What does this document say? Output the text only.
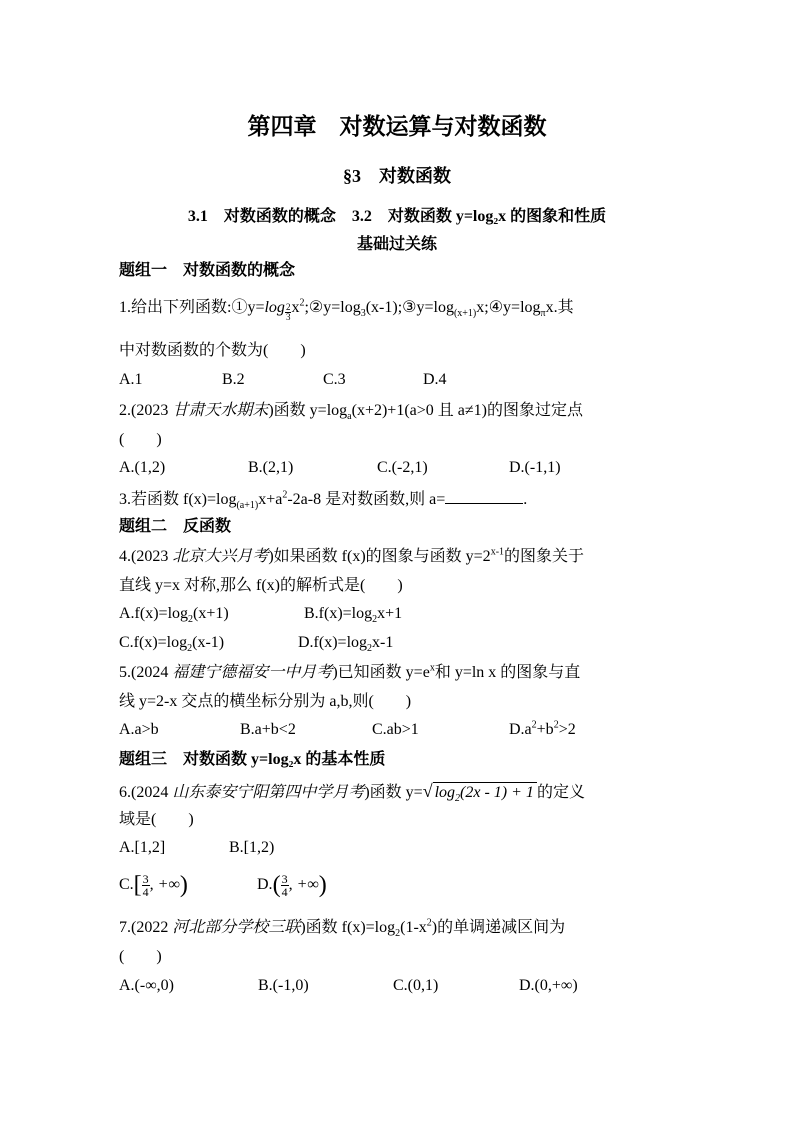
第四章　对数运算与对数函数
§3　对数函数
3.1　对数函数的概念　3.2　对数函数 y=log₂x 的图象和性质
基础过关练
题组一　对数函数的概念
1.给出下列函数:①y=log $\frac{2}{3}$ $x^2;②y=\log_3(x-1);③y=\log_{(x+1)}x;④y=\log_\pi x$.其
中对数函数的个数为(　　)
A.1	B.2	C.3	D.4
2.(2023 甘肃天水期末)函数 $y=\log_a(x+2)+1(a>0$ 且 a≠1)的图象过定点
(　　)
A.(1,2)	B.(2,1)	C.(-2,1)	D.(-1,1)
3.若函数 $f(x)=\log_{(a+1)}x+a^2-2a-8$ 是对数函数,则 a=	.
题组二　反函数
4.(2023 北京大兴月考)如果函数 f(x)的图象与函数 $y=2^{x-1}$的图象关于
直线 y=x 对称,那么 f(x)的解析式是(　　)
$A.f(x)=\log_2(x+1)$	$B.f(x)=\log_2x+1$
$C.f(x)=\log_2(x-1)$	$D.f(x)=\log_2x-1$
5.(2024 福建宁德福安一中月考)已知函数 $y=e^x$和 y=ln x 的图象与直
线 y=2-x 交点的横坐标分别为 a,b,则(　　)
A.a>b	B.a+b<2	C.ab>1	$D.a^2+b^2>2$
题组三　对数函数 y=log₂x 的基本性质
6.(2024 山东泰安宁阳第四中学月考)函数 y=√ $\log_2(2x - 1) + 1$ 的定义
域是(　　)
A.[1,2]	B.[1,2)
$C.[ \frac{3}{4}$ , +∞)	$D.( \frac{3}{4}$ , +∞)
7.(2022 河北部分学校三联)函数 $f(x)=\log_2(1-x^2)$的单调递减区间为
(　　)
A.(-∞,0)	B.(-1,0)	C.(0,1)	D.(0,+∞)
